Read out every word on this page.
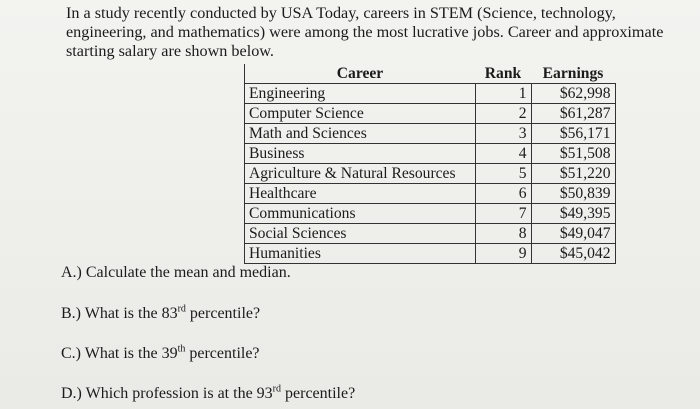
In a study recently conducted by USA Today, careers in STEM (Science, technology, engineering, and mathematics) were among the most lucrative jobs. Career and approximate starting salary are shown below.

Career	Rank	Earnings
Engineering	1	$62,998
Computer Science	2	$61,287
Math and Sciences	3	$56,171
Business	4	$51,508
Agriculture & Natural Resources	5	$51,220
Healthcare	6	$50,839
Communications	7	$49,395
Social Sciences	8	$49,047
Humanities	9	$45,042

A.) Calculate the mean and median.

B.) What is the 83rd percentile?

C.) What is the 39th percentile?

D.) Which profession is at the 93rd percentile?
